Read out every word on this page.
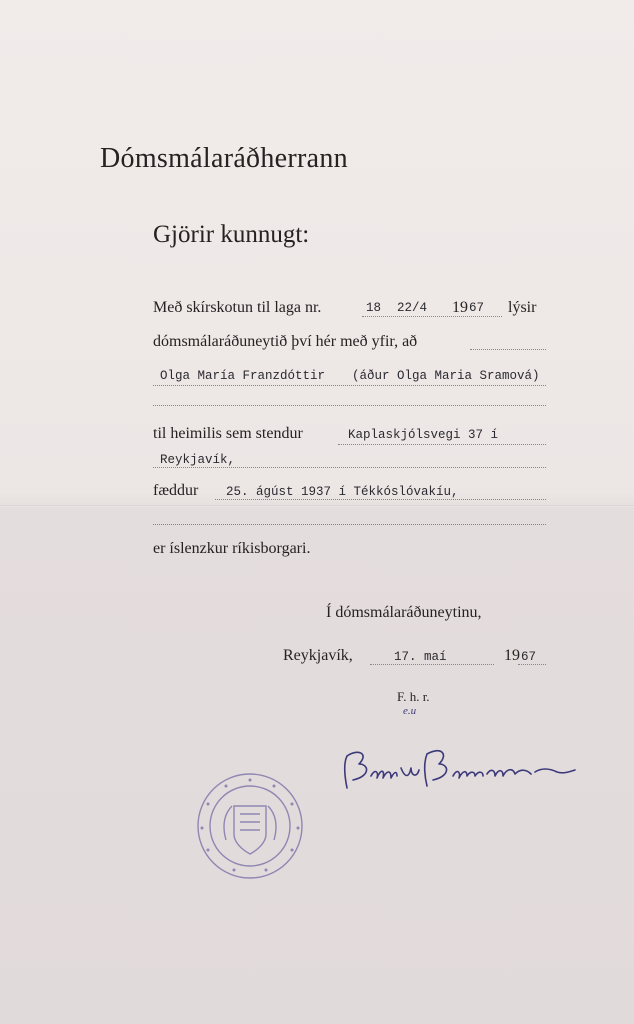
Dómsmálaráðherrann
Gjörir kunnugt:
Með skírskotun til laga nr.	18 22/4 19 67 lýsir
dómsmálaráðuneytið því hér með yfir, að
Olga María Franzdóttir (áður Olga Maria Sramová)
til heimilis sem stendur	Kaplaskjólsvegi 37 í
Reykjavík,
fæddur 25. ágúst 1937 í Tékkóslóvakíu,
er íslenzkur ríkisborgari.
Í dómsmálaráðuneytinu,
Reykjavík,	17. maí	19 67
F. h. r.
e.u
